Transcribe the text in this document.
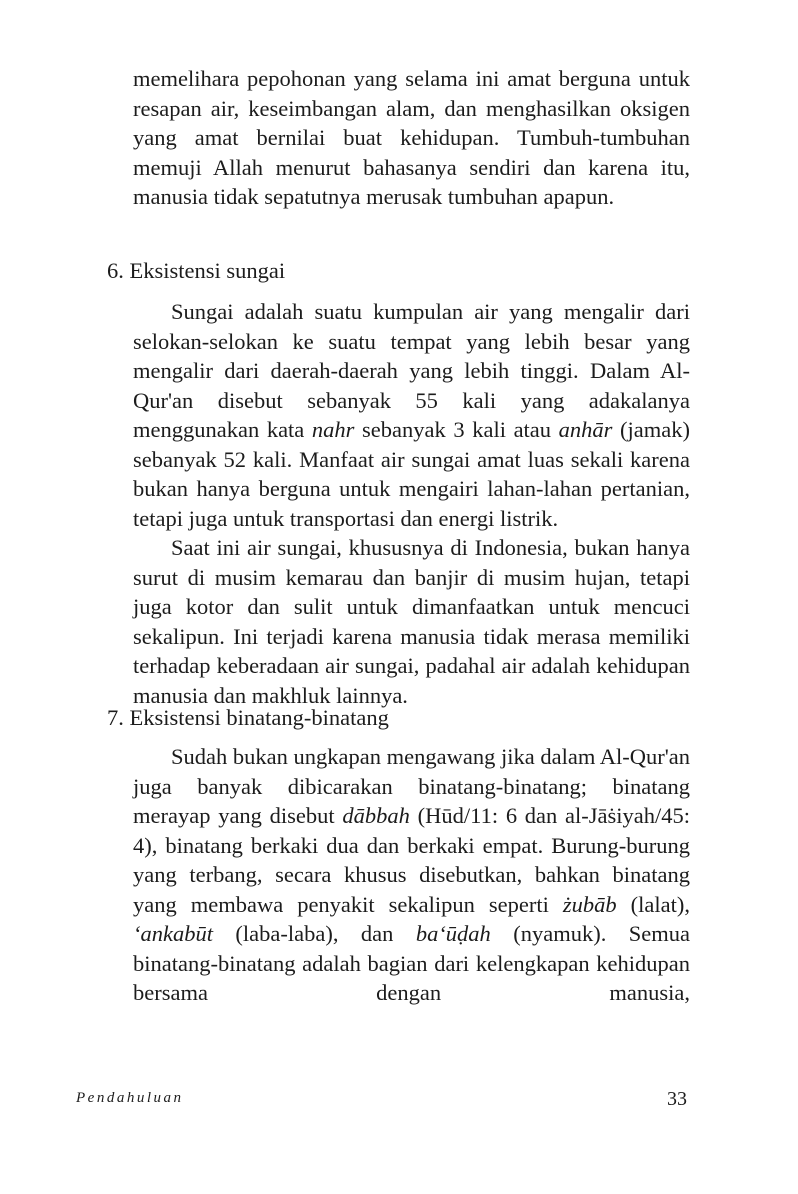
memelihara pepohonan yang selama ini amat berguna untuk resapan air, keseimbangan alam, dan menghasilkan oksigen yang amat bernilai buat kehidupan. Tumbuh-tumbuhan memuji Allah menurut bahasanya sendiri dan karena itu, manusia tidak sepatutnya merusak tumbuhan apapun.

6. Eksistensi sungai

Sungai adalah suatu kumpulan air yang mengalir dari selokan-selokan ke suatu tempat yang lebih besar yang mengalir dari daerah-daerah yang lebih tinggi. Dalam Al-Qur'an disebut sebanyak 55 kali yang adakalanya menggunakan kata nahr sebanyak 3 kali atau anhār (jamak) sebanyak 52 kali. Manfaat air sungai amat luas sekali karena bukan hanya berguna untuk mengairi lahan-lahan pertanian, tetapi juga untuk transportasi dan energi listrik.

Saat ini air sungai, khususnya di Indonesia, bukan hanya surut di musim kemarau dan banjir di musim hujan, tetapi juga kotor dan sulit untuk dimanfaatkan untuk mencuci sekalipun. Ini terjadi karena manusia tidak merasa memiliki terhadap keberadaan air sungai, padahal air adalah kehidupan manusia dan makhluk lainnya.

7. Eksistensi binatang-binatang

Sudah bukan ungkapan mengawang jika dalam Al-Qur'an juga banyak dibicarakan binatang-binatang; binatang merayap yang disebut dābbah (Hūd/11: 6 dan al-Jāṡiyah/45: 4), binatang berkaki dua dan berkaki empat. Burung-burung yang terbang, secara khusus disebutkan, bahkan binatang yang membawa penyakit sekalipun seperti żubāb (lalat), ‘ankabūt (laba-laba), dan ba‘ūḍah (nyamuk). Semua binatang-binatang adalah bagian dari kelengkapan kehidupan bersama dengan manusia,

Pendahuluan	33
